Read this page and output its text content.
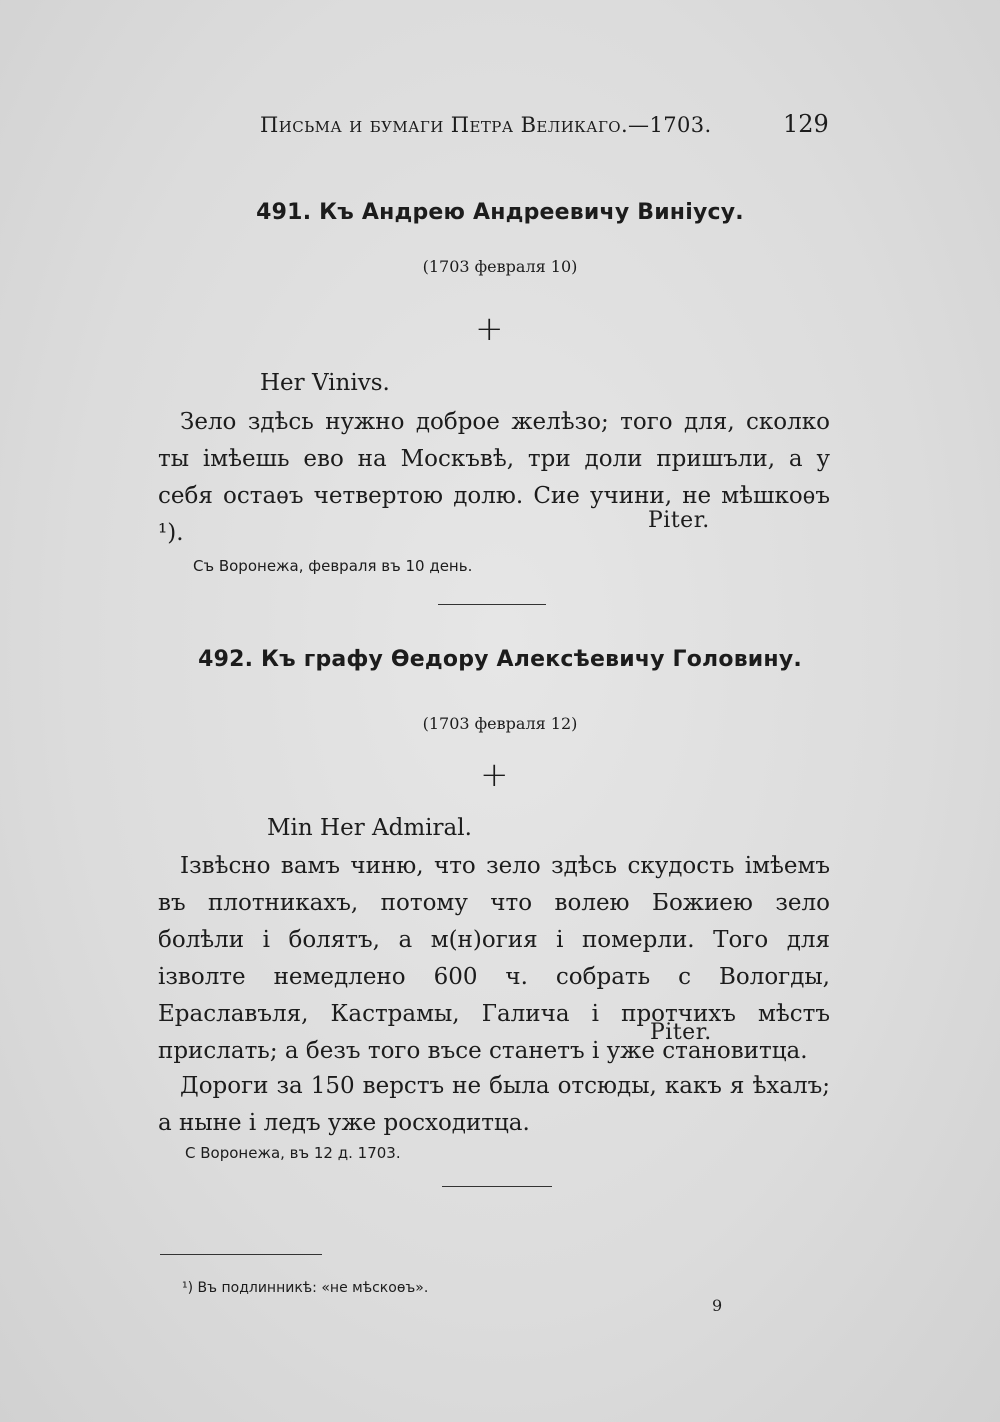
Письма и бумаги Петра Великаго.—1703.	129
491. Къ Андрею Андреевичу Виніусу.
(1703 февраля 10)
+
Her Vinivs.

Зело здѣсь нужно доброе желѣзо; того для, сколко ты імѣешь ево на Москъвѣ, три доли пришъли, а у себя остаѳъ четвертою долю. Сие учини, не мѣшкоѳъ ¹).	Piter.
Съ Воронежа, февраля въ 10 день.
492. Къ графу Ѳедору Алексѣевичу Головину.
(1703 февраля 12)
+
Min Her Admiral.

Ізвѣсно вамъ чиню, что зело здѣсь скудость імѣемъ въ плотникахъ, потому что волею Божиею зело болѣли і болятъ, а м(н)огия і померли. Того для ізволте немедлено 600 ч. собрать с Вологды, Ераславъля, Кастрамы, Галича і протчихъ мѣстъ прислать; а безъ того въсе станетъ і уже становитца.

Piter.

Дороги за 150 верстъ не была отсюды, какъ я ѣхалъ; а ныне і ледъ уже росходитца.

С Воронежа, въ 12 д. 1703.
¹) Въ подлинникѣ: «не мѣскоѳъ».
9
